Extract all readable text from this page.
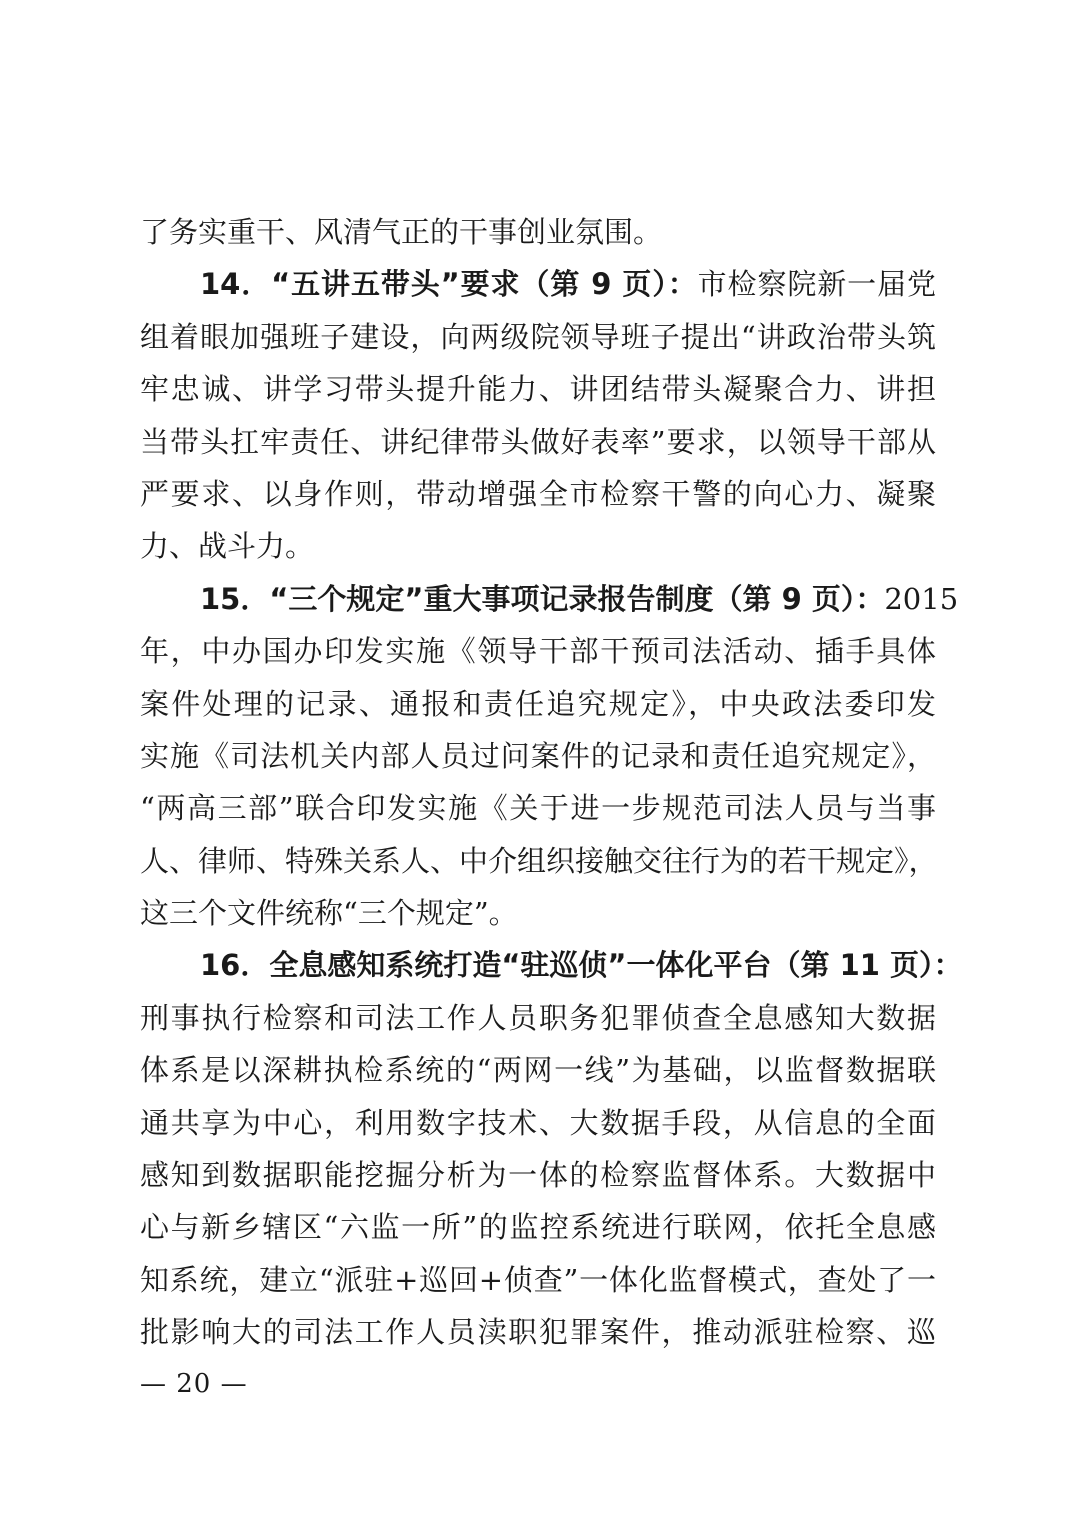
了务实重干、风清气正的干事创业氛围。
14．“五讲五带头”要求（第 9 页）：市检察院新一届党
组着眼加强班子建设，向两级院领导班子提出“讲政治带头筑
牢忠诚、讲学习带头提升能力、讲团结带头凝聚合力、讲担
当带头扛牢责任、讲纪律带头做好表率”要求，以领导干部从
严要求、以身作则，带动增强全市检察干警的向心力、凝聚
力、战斗力。
15．“三个规定”重大事项记录报告制度（第 9 页）：2015
年，中办国办印发实施《领导干部干预司法活动、插手具体
案件处理的记录、通报和责任追究规定》，中央政法委印发
实施《司法机关内部人员过问案件的记录和责任追究规定》，
“两高三部”联合印发实施《关于进一步规范司法人员与当事
人、律师、特殊关系人、中介组织接触交往行为的若干规定》，
这三个文件统称“三个规定”。
16．全息感知系统打造“驻巡侦”一体化平台（第 11 页）：
刑事执行检察和司法工作人员职务犯罪侦查全息感知大数据
体系是以深耕执检系统的“两网一线”为基础，以监督数据联
通共享为中心，利用数字技术、大数据手段，从信息的全面
感知到数据职能挖掘分析为一体的检察监督体系。大数据中
心与新乡辖区“六监一所”的监控系统进行联网，依托全息感
知系统，建立“派驻+巡回+侦查”一体化监督模式，查处了一
批影响大的司法工作人员渎职犯罪案件，推动派驻检察、巡
— 20 —
